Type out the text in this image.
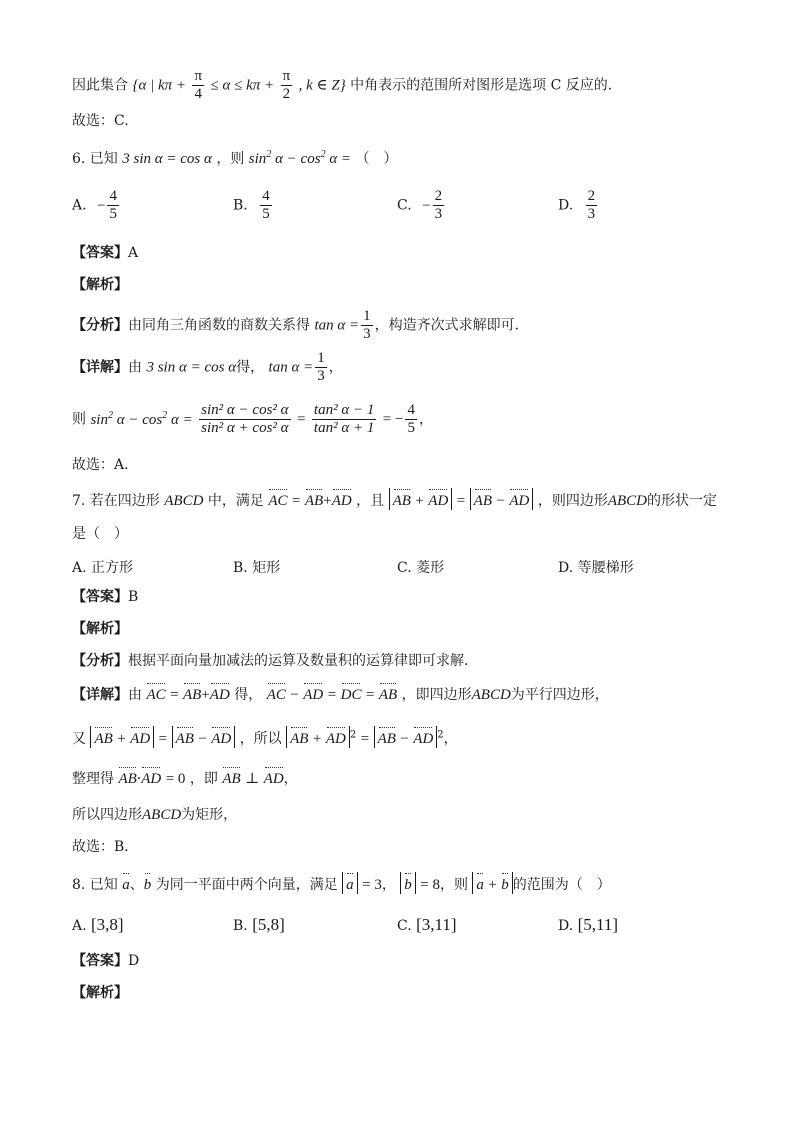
因此集合 {α | $k\pi + \frac{\pi}{4} \le \alpha \le k\pi + \frac{\pi}{2}$ , k ∈ Z} 中角表示的范围所对图形是选项 C 反应的.
故选：C.
6. 已知 3 sin α = cos α ，则 $\sin^2 \alpha - \cos^2 \alpha$ = （　）
A. − $\frac{4}{5}$	B. $\frac{4}{5}$	C. − $\frac{2}{3}$	D. $\frac{2}{3}$
【答案】A
【解析】
【分析】由同角三角函数的商数关系得 $\tan \alpha = \frac{1}{3}$ ，构造齐次式求解即可．
【详解】由 3 sin α = cos α得， $\tan \alpha = \frac{1}{3}$ ，
则 $\sin^2 \alpha - \cos^2 \alpha = \frac{\text{sin² α − cos² α}}{\text{sin² α + cos² α}} = \frac{\text{tan² α − 1}}{\text{tan² α + 1}}$ = − $\frac{4}{5}$ ，
故选：A．
7. 若在四边形 ABCD 中，满足 AC = AB+AD ，且 AB + AD = AB − AD ，则四边形ABCD的形状一定
是（　）
A. 正方形	B. 矩形	C. 菱形	D. 等腰梯形
【答案】B
【解析】
【分析】根据平面向量加减法的运算及数量积的运算律即可求解．
【详解】由 AC = AB+AD 得， AC − AD = DC = AB ，即四边形ABCD为平行四边形，
又 AB + AD = AB − AD ，所以 AB + AD $^2$ = AB − AD $^2$，
整理得 AB·AD = 0 ，即 AB ⊥ AD，
所以四边形ABCD为矩形，
故选：B．
8. 已知 a、b 为同一平面中两个向量，满足 a = 3， b = 8，则 a + b 的范围为（　）
A. [3,8]	B. [5,8]	C. [3,11]	D. [5,11]
【答案】D
【解析】
